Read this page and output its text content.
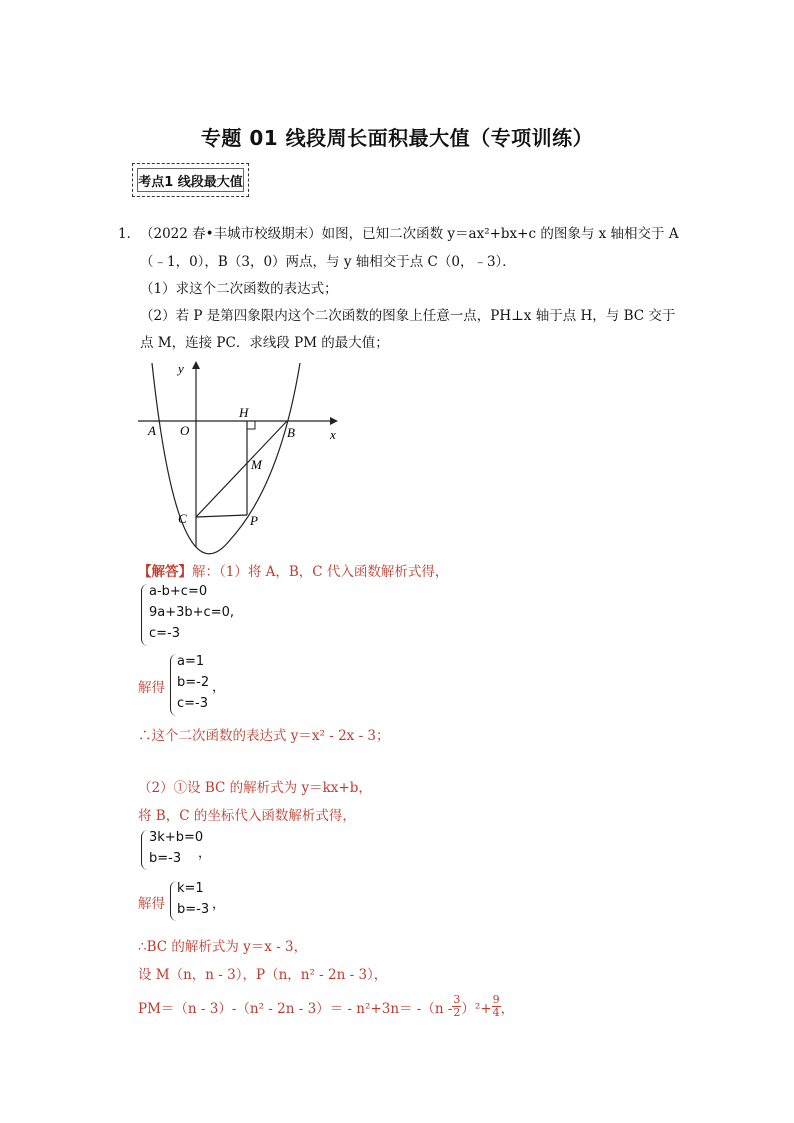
专题 01 线段周长面积最大值（专项训练）
考点1 线段最大值
1． （2022 春•丰城市校级期末）如图，已知二次函数 y＝ax²+bx+c 的图象与 x 轴相交于 A
（﹣1，0），B（3，0）两点，与 y 轴相交于点 C（0，﹣3）．
（1）求这个二次函数的表达式；
（2）若 P 是第四象限内这个二次函数的图象上任意一点，PH⊥x 轴于点 H，与 BC 交于
点 M，连接 PC．求线段 PM 的最大值；
y
x
A O
H
B
M
C	P
【解答】解：（1）将 A，B，C 代入函数解析式得，
a-b+c=0
9a+3b+c=0,
c=-3
解得
a=1
b=-2
c=-3
，
∴这个二次函数的表达式 y＝x² - 2x - 3；
（2）①设 BC 的解析式为 y＝kx+b，
将 B，C 的坐标代入函数解析式得，
3k+b=0
b=-3 ，
解得
k=1
b=-3 ，
∴BC 的解析式为 y＝x - 3，
设 M（n，n - 3），P（n，n² - 2n - 3），
$PM=(n - 3)-(n^2 - 2n - 3)= - n^2+3n= -(n - \frac{3}{2} )^2+ \frac{9}{4}$ ，
